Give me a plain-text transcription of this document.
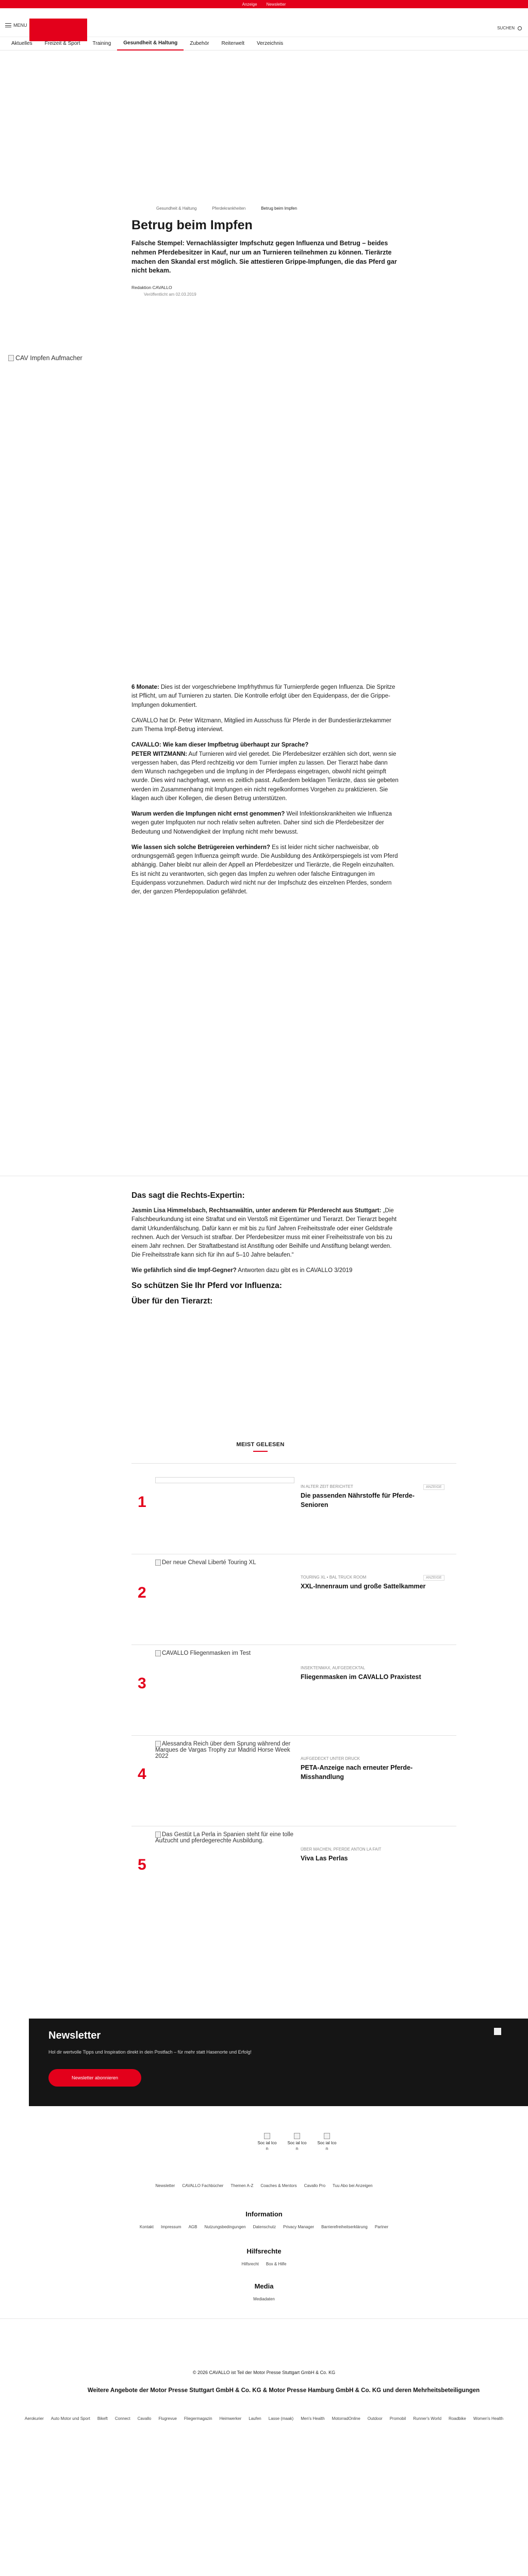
Anzeige Newsletter
MENU
SUCHEN
Aktuelles	Freizeit & Sport	Training	Gesundheit & Haltung	Zubehör	Reiterwelt	Verzeichnis
Gesundheit & Haltung	Pferdekrankheiten	Betrug beim Impfen
Betrug beim Impfen

Falsche Stempel: Vernachlässigter Impfschutz gegen Influenza und Betrug – beides nehmen Pferdebesitzer in Kauf, nur um an Turnieren teilnehmen zu können. Tierärzte machen den Skandal erst möglich. Sie attestieren Grippe-Impfungen, die das Pferd gar nicht bekam.

Redaktion CAVALLO
Veröffentlicht am 02.03.2019
CAV Impfen Aufmacher

6 Monate: Dies ist der vorgeschriebene Impfrhythmus für Turnierpferde gegen Influenza. Die Spritze ist Pflicht, um auf Turnieren zu starten. Die Kontrolle erfolgt über den Equidenpass, der die Grippe-Impfungen dokumentiert.

CAVALLO hat Dr. Peter Witzmann, Mitglied im Ausschuss für Pferde in der Bundestierärztekammer zum Thema Impf-Betrug interviewt.

CAVALLO: Wie kam dieser Impfbetrug überhaupt zur Sprache?
PETER WITZMANN: Auf Turnieren wird viel geredet. Die Pferdebesitzer erzählen sich dort, wenn sie vergessen haben, das Pferd rechtzeitig vor dem Turnier impfen zu lassen. Der Tierarzt habe dann dem Wunsch nachgegeben und die Impfung in der Pferdepass eingetragen, obwohl nicht geimpft wurde. Dies wird nachgefragt, wenn es zeitlich passt. Außerdem beklagen Tierärzte, dass sie gebeten werden im Zusammenhang mit Impfungen ein nicht regelkonformes Vorgehen zu praktizieren. Sie klagen auch über Kollegen, die diesen Betrug unterstützen.

Warum werden die Impfungen nicht ernst genommen? Weil Infektionskrankheiten wie Influenza wegen guter Impfquoten nur noch relativ selten auftreten. Daher sind sich die Pferdebesitzer der Bedeutung und Notwendigkeit der Impfung nicht mehr bewusst.

Wie lassen sich solche Betrügereien verhindern? Es ist leider nicht sicher nachweisbar, ob ordnungsgemäß gegen Influenza geimpft wurde. Die Ausbildung des Antikörperspiegels ist vom Pferd abhängig. Daher bleibt nur allein der Appell an Pferdebesitzer und Tierärzte, die Regeln einzuhalten. Es ist nicht zu verantworten, sich gegen das Impfen zu wehren oder falsche Eintragungen im Equidenpass vorzunehmen. Dadurch wird nicht nur der Impfschutz des einzelnen Pferdes, sondern der, der ganzen Pferdepopulation gefährdet.

Das sagt die Rechts-Expertin:

Jasmin Lisa Himmelsbach, Rechtsanwältin, unter anderem für Pferderecht aus Stuttgart: „Die Falschbeurkundung ist eine Straftat und ein Verstoß mit Eigentümer und Tierarzt. Der Tierarzt begeht damit Urkundenfälschung. Dafür kann er mit bis zu fünf Jahren Freiheitsstrafe oder einer Geldstrafe rechnen. Auch der Versuch ist strafbar. Der Pferdebesitzer muss mit einer Freiheitsstrafe von bis zu einem Jahr rechnen. Der Straftatbestand ist Anstiftung oder Beihilfe und Anstiftung belangt werden. Die Freiheitsstrafe kann sich für ihn auf 5–10 Jahre belaufen.“

Wie gefährlich sind die Impf-Gegner? Antworten dazu gibt es in CAVALLO 3/2019

So schützen Sie Ihr Pferd vor Influenza:
Über für den Tierarzt:
MEIST GELESEN
1
IN ALTER ZEIT BERICHTET	ANZEIGE
Die passenden Nährstoffe für Pferde-Senioren
2
Der neue Cheval Liberté Touring XL
TOURING XL • BAL TRUCK ROOM	ANZEIGE
XXL-Innenraum und große Sattelkammer
3
CAVALLO Fliegenmasken im Test
INSEKTENMAX, AUFGEDECKTAL
Fliegenmasken im CAVALLO Praxistest
4
Alessandra Reich über dem Sprung während der Marques de Vargas Trophy zur Madrid Horse Week 2022	AUFGEDECKT UNTER DRUCK
PETA-Anzeige nach erneuter Pferde-Misshandlung
5
Das Gestüt La Perla in Spanien steht für eine tolle Aufzucht und pferdegerechte Ausbildung.
ÜBER MACHEN, PFERDE ANTON LA FAIT
Viva Las Perlas
Newsletter
Hol dir wertvolle Tipps und Inspiration direkt in dein Postfach – für mehr statt Hasenorte und Erfolg!
Newsletter abonnieren

Soc ial Ico n

Soc ial Ico n

Soc ial Ico n
Newsletter CAVALLO Fachbücher Themen A-Z Coaches & Mentors Cavallo Pro Tuu Abo bei Anzeigen
Information
Kontakt Impressum AGB Nutzungsbedingungen Datenschutz Privacy Manager Barrierefreiheitserklärung Partner
Hilfsrechte
Hilfsrecht Box & Hilfe
Media
Mediadaten
© 2026 CAVALLO ist Teil der Motor Presse Stuttgart GmbH & Co. KG
Weitere Angebote der Motor Presse Stuttgart GmbH & Co. KG & Motor Presse Hamburg GmbH & Co. KG und deren Mehrheitsbeteiligungen
Aerokurier Auto Motor und Sport Bikeft Connect Cavallo Flugrevue Fliegermagazin Heimwerker Laufen Lasse (maak) Men's Health MotorradOnline Outdoor Promobil Runner's World Roadbike Women's Health
